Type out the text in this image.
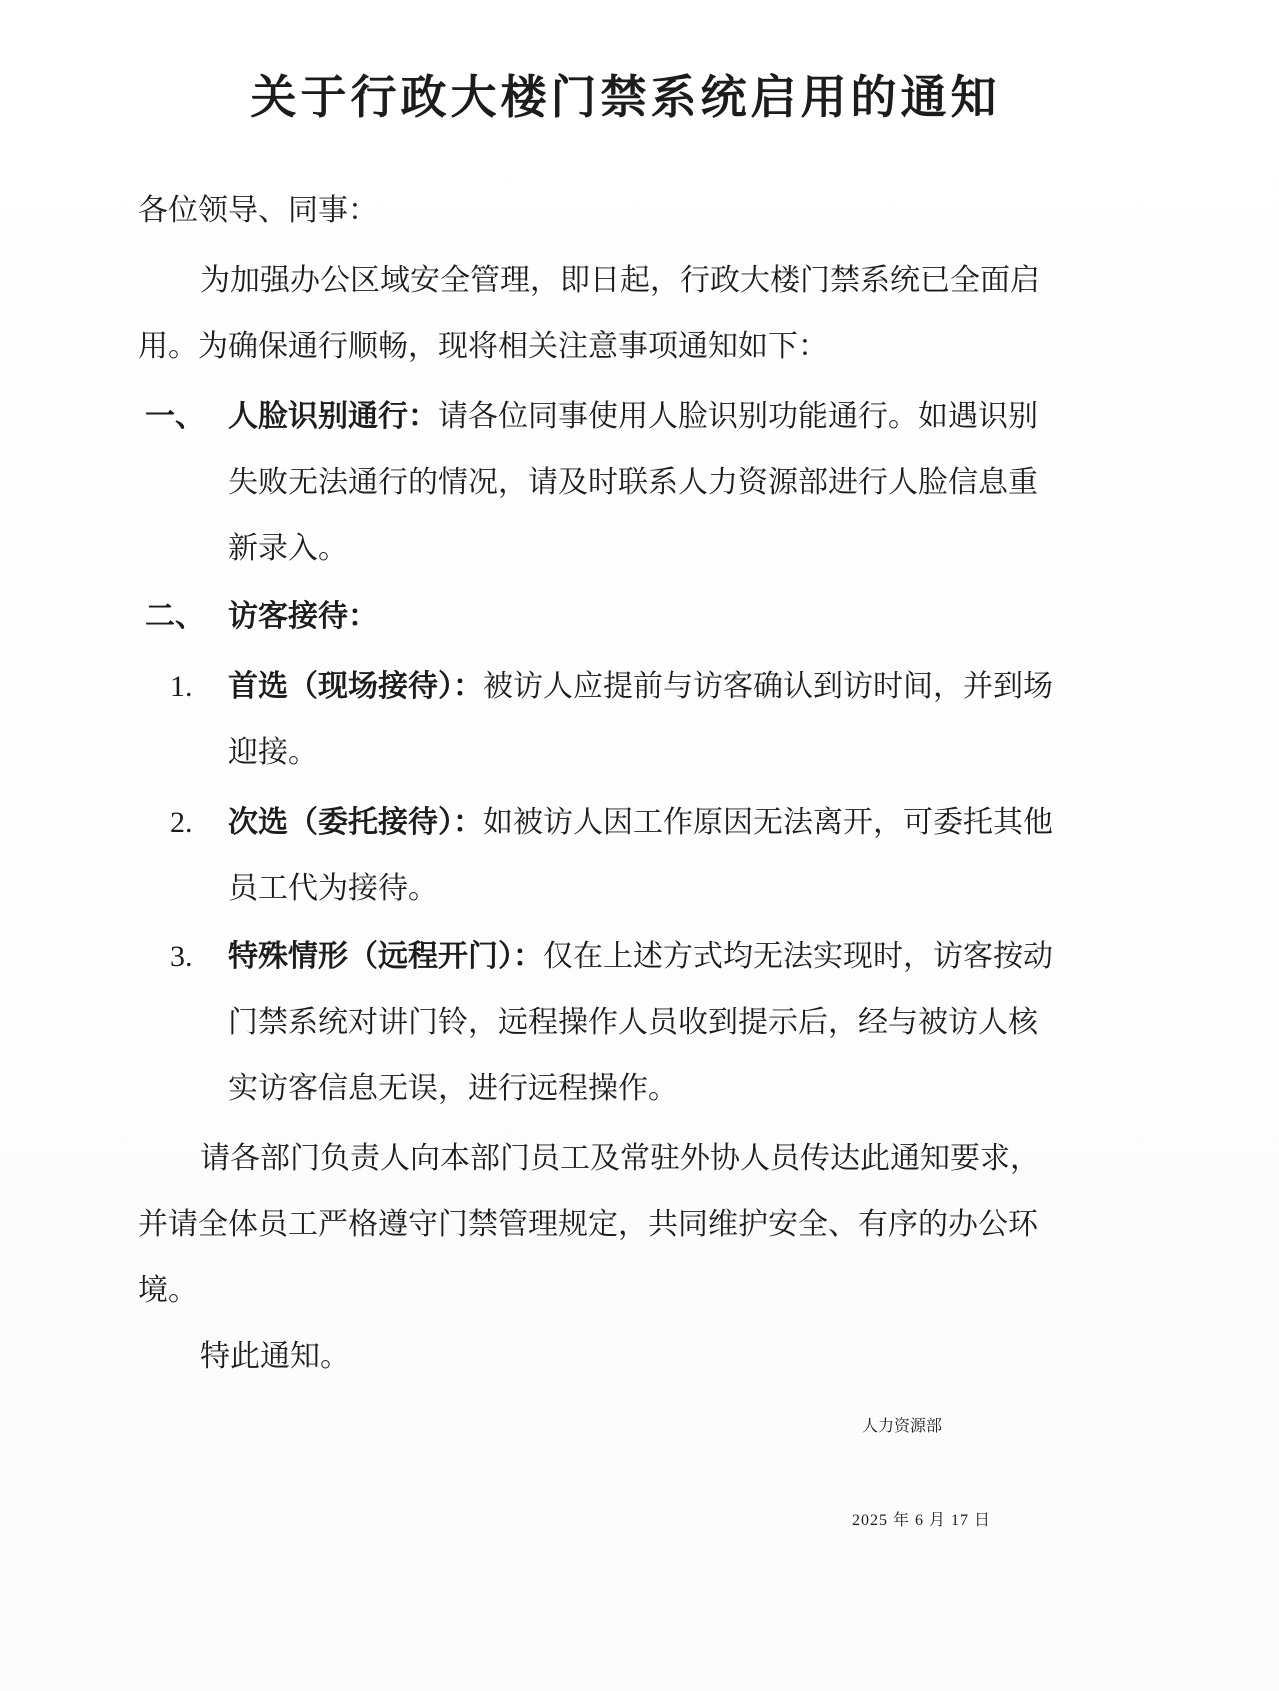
关于行政大楼门禁系统启用的通知
各位领导、同事：
为加强办公区域安全管理，即日起，行政大楼门禁系统已全面启
用。为确保通行顺畅，现将相关注意事项通知如下：
一、 人脸识别通行：请各位同事使用人脸识别功能通行。如遇识别
失败无法通行的情况，请及时联系人力资源部进行人脸信息重
新录入。
二、 访客接待：
1. 首选（现场接待）：被访人应提前与访客确认到访时间，并到场
迎接。
2. 次选（委托接待）：如被访人因工作原因无法离开，可委托其他
员工代为接待。
3. 特殊情形（远程开门）：仅在上述方式均无法实现时，访客按动
门禁系统对讲门铃，远程操作人员收到提示后，经与被访人核
实访客信息无误，进行远程操作。
请各部门负责人向本部门员工及常驻外协人员传达此通知要求，
并请全体员工严格遵守门禁管理规定，共同维护安全、有序的办公环
境。
特此通知。
人力资源部
2025 年 6 月 17 日
